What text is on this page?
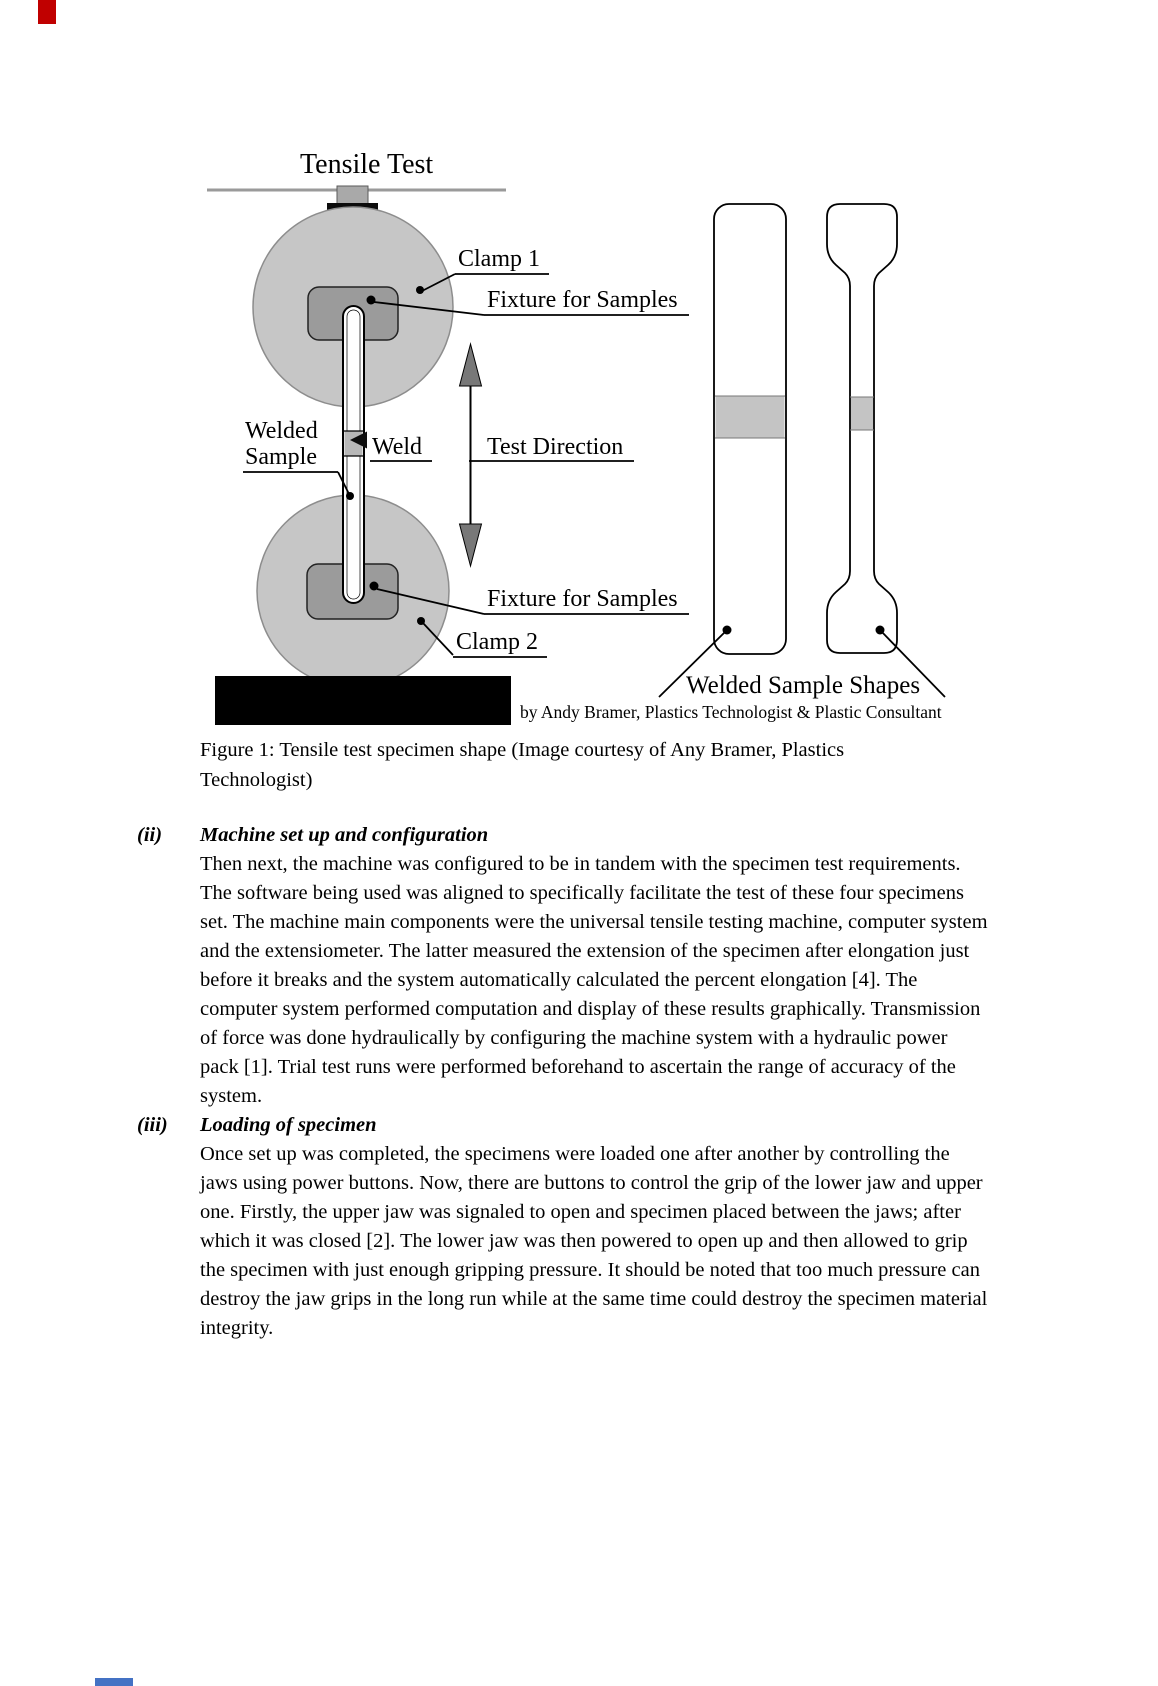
Tensile Test
Clamp 1
Fixture for Samples
Welded
Sample Weld	Test Direction
Fixture for Samples
Clamp 2
Welded Sample Shapes
by Andy Bramer, Plastics Technologist & Plastic Consultant

Figure 1: Tensile test specimen shape (Image courtesy of Any Bramer, Plastics Technologist)

(ii)	Machine set up and configuration
Then next, the machine was configured to be in tandem with the specimen test requirements. The software being used was aligned to specifically facilitate the test of these four specimens set. The machine main components were the universal tensile testing machine, computer system and the extensiometer. The latter measured the extension of the specimen after elongation just before it breaks and the system automatically calculated the percent elongation [4]. The computer system performed computation and display of these results graphically. Transmission of force was done hydraulically by configuring the machine system with a hydraulic power pack [1]. Trial test runs were performed beforehand to ascertain the range of accuracy of the system.
(iii)	Loading of specimen
Once set up was completed, the specimens were loaded one after another by controlling the jaws using power buttons. Now, there are buttons to control the grip of the lower jaw and upper one. Firstly, the upper jaw was signaled to open and specimen placed between the jaws; after which it was closed [2]. The lower jaw was then powered to open up and then allowed to grip the specimen with just enough gripping pressure. It should be noted that too much pressure can destroy the jaw grips in the long run while at the same time could destroy the specimen material integrity.
